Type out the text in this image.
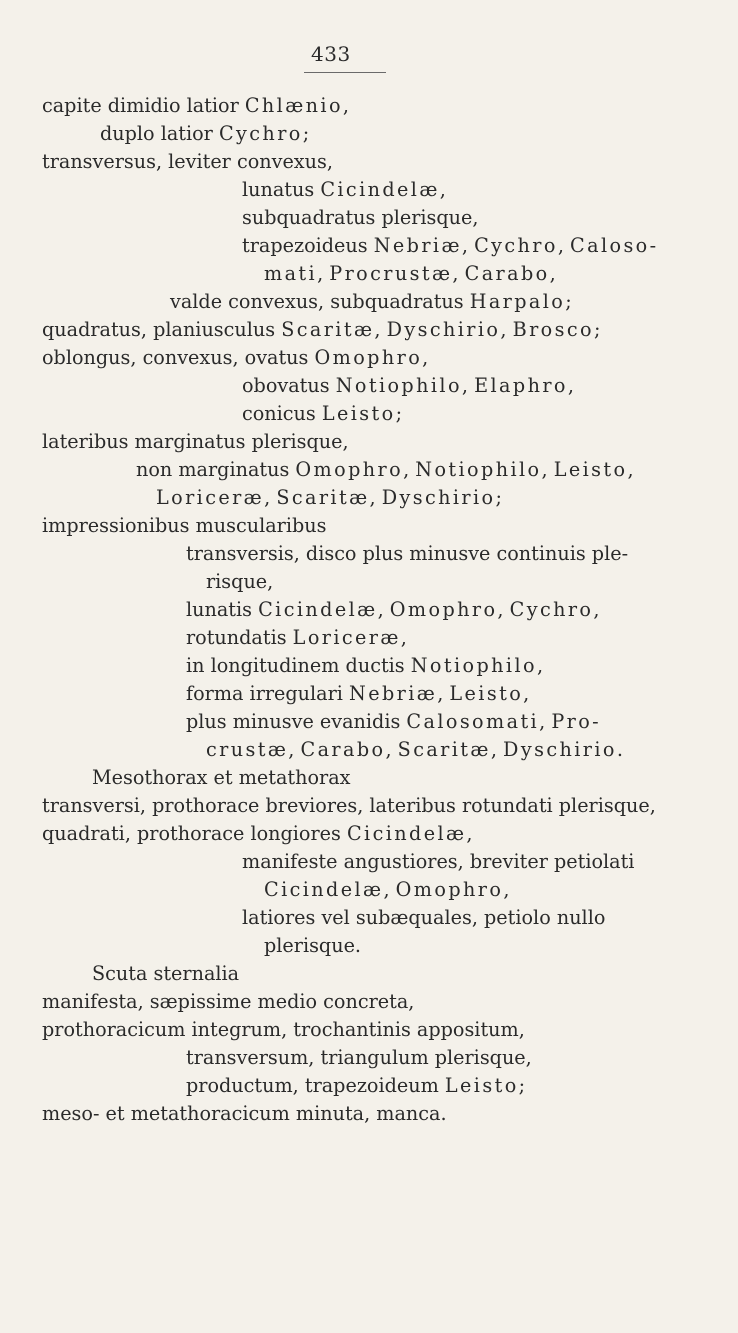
433
capite dimidio latior Chlænio,
duplo latior Cychro;
transversus, leviter convexus,
lunatus Cicindelæ,
subquadratus plerisque,
trapezoideus Nebriæ, Cychro, Caloso-
mati, Procrustæ, Carabo,
valde convexus, subquadratus Harpalo;
quadratus, planiusculus Scaritæ, Dyschirio, Brosco;
oblongus, convexus, ovatus Omophro,
obovatus Notiophilo, Elaphro,
conicus Leisto;
lateribus marginatus plerisque,
non marginatus Omophro, Notiophilo, Leisto,
Loriceræ, Scaritæ, Dyschirio;
impressionibus muscularibus
transversis, disco plus minusve continuis ple-
risque,
lunatis Cicindelæ, Omophro, Cychro,
rotundatis Loriceræ,
in longitudinem ductis Notiophilo,
forma irregulari Nebriæ, Leisto,
plus minusve evanidis Calosomati, Pro-
crustæ, Carabo, Scaritæ, Dyschirio.
Mesothorax et metathorax
transversi, prothorace breviores, lateribus rotundati plerisque,
quadrati, prothorace longiores Cicindelæ,
manifeste angustiores, breviter petiolati
Cicindelæ, Omophro,
latiores vel subæquales, petiolo nullo
plerisque.
Scuta sternalia
manifesta, sæpissime medio concreta,
prothoracicum integrum, trochantinis appositum,
transversum, triangulum plerisque,
productum, trapezoideum Leisto;
meso- et metathoracicum minuta, manca.
